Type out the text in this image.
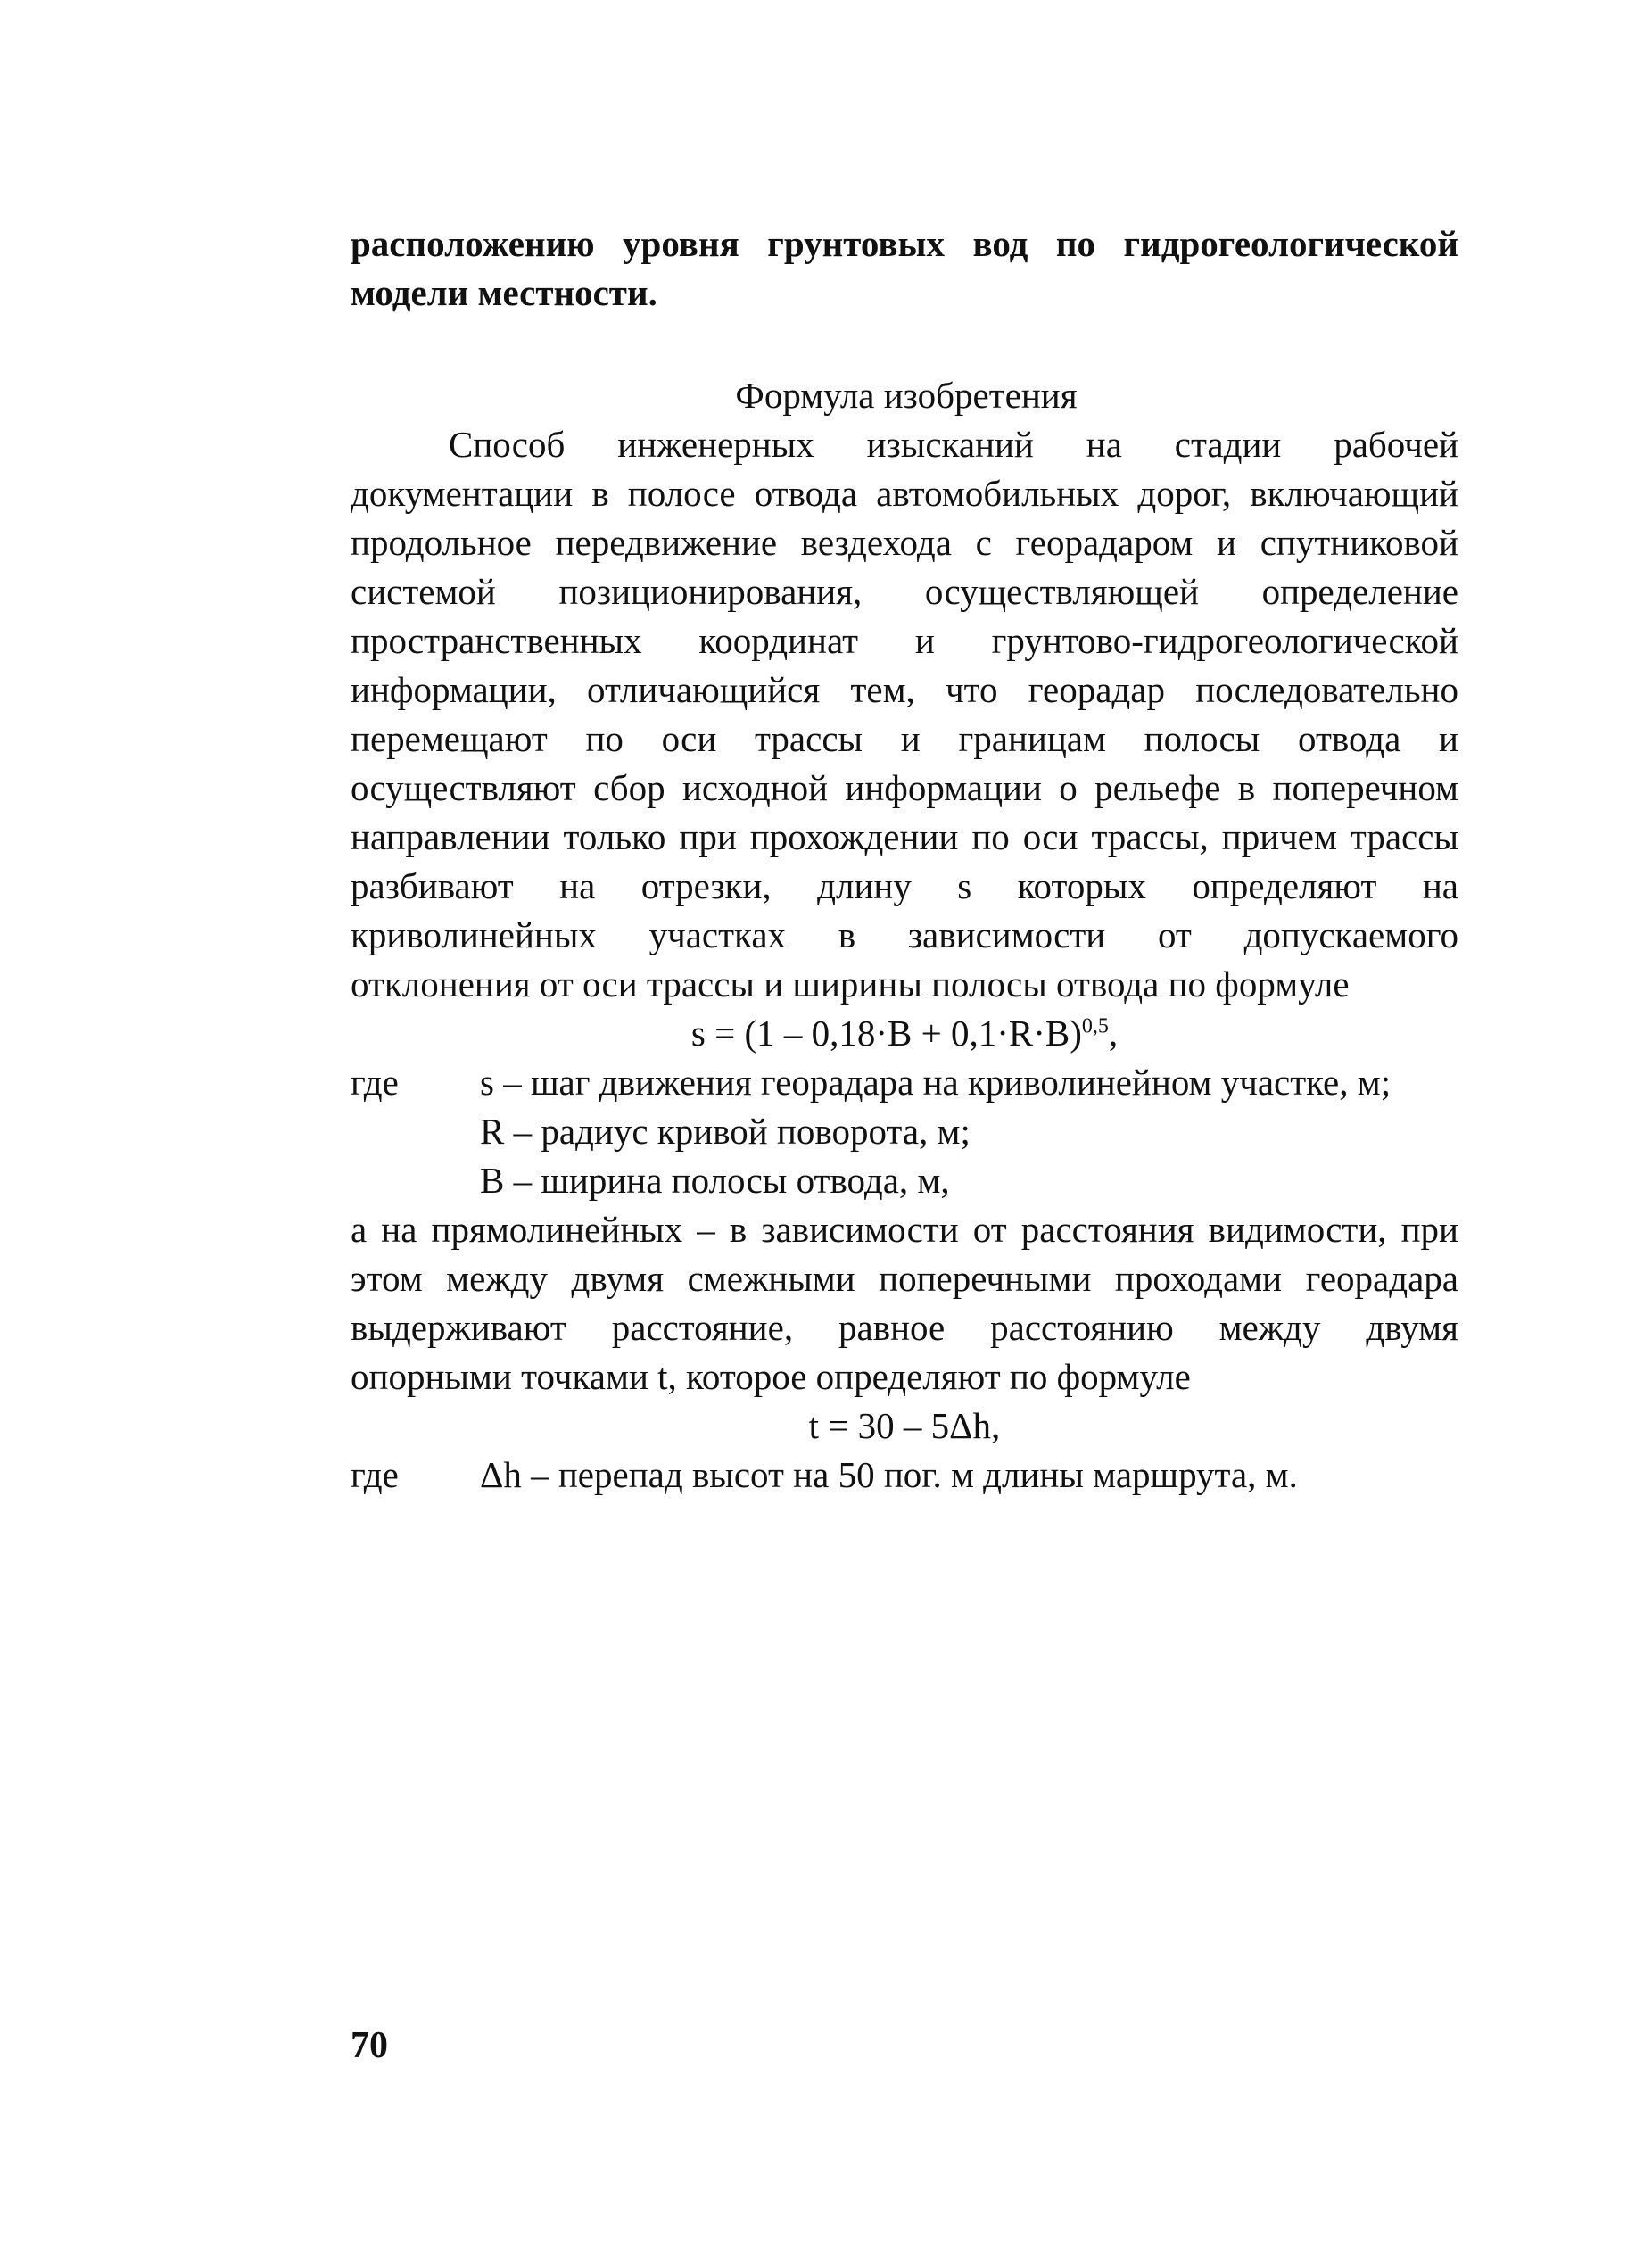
расположению уровня грунтовых вод по гидрогеологической
модели местности.
Формула изобретения
Способ инженерных изысканий на стадии рабочей
документации в полосе отвода автомобильных дорог, включающий
продольное передвижение вездехода с георадаром и спутниковой
системой позиционирования, осуществляющей определение
пространственных координат и грунтово-гидрогеологической
информации, отличающийся тем, что георадар последовательно
перемещают по оси трассы и границам полосы отвода и
осуществляют сбор исходной информации о рельефе в поперечном
направлении только при прохождении по оси трассы, причем трассы
разбивают на отрезки, длину s которых определяют на
криволинейных участках в зависимости от допускаемого
отклонения от оси трассы и ширины полосы отвода по формуле
$s = (1 - 0,18\cdot B + 0,1\cdot R\cdot B)^{0,5}$,
где	s – шаг движения георадара на криволинейном участке, м;
R – радиус кривой поворота, м;
B – ширина полосы отвода, м,
а на прямолинейных – в зависимости от расстояния видимости, при
этом между двумя смежными поперечными проходами георадара
выдерживают расстояние, равное расстоянию между двумя
опорными точками t, которое определяют по формуле
t = 30 – 5Δh,
где	Δh – перепад высот на 50 пог. м длины маршрута, м.
70
